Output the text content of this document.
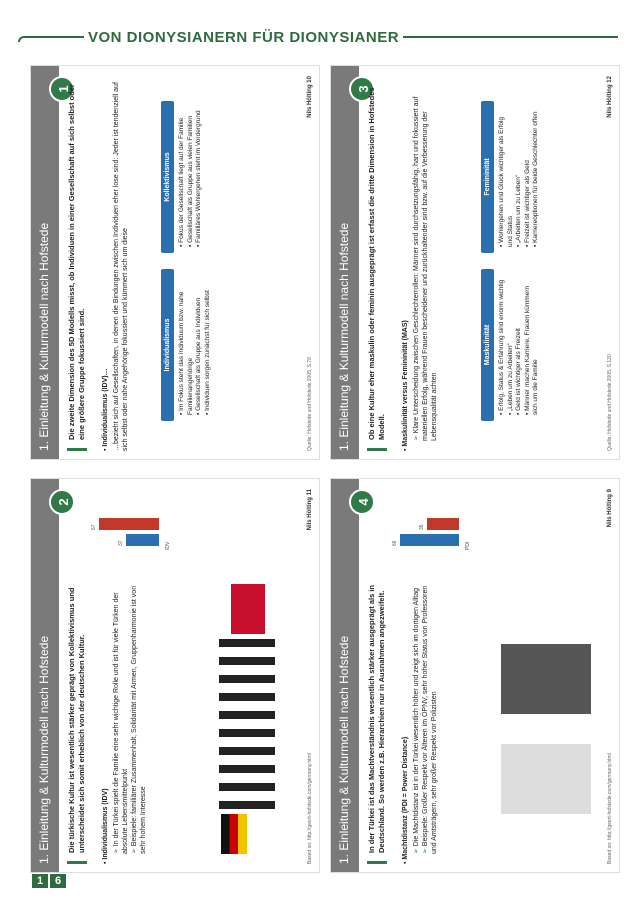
VON DIONYSIANERN FÜR DIONYSIANER
1. Einleitung & Kulturmodell nach Hofstede
1
Die zweite Dimension des 5D Modells misst, ob Individuen in einer Gesellschaft auf sich selbst oder eine größere Gruppe fokussiert sind. ▪ Individualismus (IDV)… …bezieht sich auf Gesellschaften, in denen die Bindungen zwischen Individuen eher lose sind: Jeder ist tendenziell auf sich selbst oder nahe Angehörige fokussiert und kümmert sich um diese	Individualismus	▪ Im Fokus steht das Individuum bzw. nahe Familienangehörige ▪ Gesellschaft als Gruppe aus Individuen ▪ Individuen sorgen zunächst für sich selbst
Kollektivismus	▪ Fokus der Gesellschaft liegt auf der Familie ▪ Gesellschaft als Gruppe aus vielen Familien ▪ Familiäres Wohlergehen steht im Vordergrund
Quelle: Hofstede und Hofstede 2005, S.78
Nils Hölting 10
1. Einleitung & Kulturmodell nach Hofstede
3
Ob eine Kultur eher maskulin oder feminin ausgeprägt ist erfasst die dritte Dimension in Hofstedes Modell. ▪ Maskulinität versus Femininität (MAS) ➢ Klare Unterscheidung zwischen Geschlechterrollen: Männer sind durchsetzungsfähig, hart und fokussiert auf materiellen Erfolg, während Frauen bescheidener und zurückhaltender sind bzw. auf die Verbesserung der Lebensqualität achten
Maskulinität	▪ Erfolg, Status & Erfahrung sind enorm wichtig ▪ „Leben um zu Arbeiten“ ▪ Geld ist wichtiger als Freizeit ▪ Männer machen Karriere, Frauen kümmern sich um die Familie
Femininität	▪ Wohlergehen und Glück wichtiger als Erfolg und Status ▪ „Arbeiten um zu Leben“ ▪ Freizeit ist wichtiger als Geld ▪ Karriereoptionen für beide Geschlechter offen
Quelle: Hofstede und Hofstede 2005, S.120
Nils Hölting 12
1. Einleitung & Kulturmodell nach Hofstede
2
Die türkische Kultur ist wesentlich stärker geprägt von Kollektivismus und unterscheidet sich somit erheblich von der deutschen Kultur. ▪ Individualismus (IDV) ➢ In der Türkei spielt die Familie eine sehr wichtige Rolle und ist für viele Türken der absolute Lebensmittelpunkt ➢ Beispiele: familiärer Zusammenhalt, Solidarität mit Armen, Gruppenharmonie ist von sehr hohem Interesse
37
67
IDV
Based on: http://geert-hofstede.com/germany.html
Nils Hölting 11
1. Einleitung & Kulturmodell nach Hofstede
4
In der Türkei ist das Machtverständnis wesentlich stärker ausgeprägt als in Deutschland. So werden z.B. Hierarchien nur in Ausnahmen angezweifelt. ▪ Machtdistanz (PDI = Power Distance) ➢ Die Machtdistanz ist in der Türkei wesentlich höher und zeigt sich im dortigen Alltag ➢ Beispiele: Großer Respekt vor Älteren im ÖPNV, sehr hoher Status von Professoren und Amtsträgern, sehr großer Respekt vor Polizisten
66
35
PDI
Based on: http://geert-hofstede.com/germany.html
Nils Hölting 9
1	6
